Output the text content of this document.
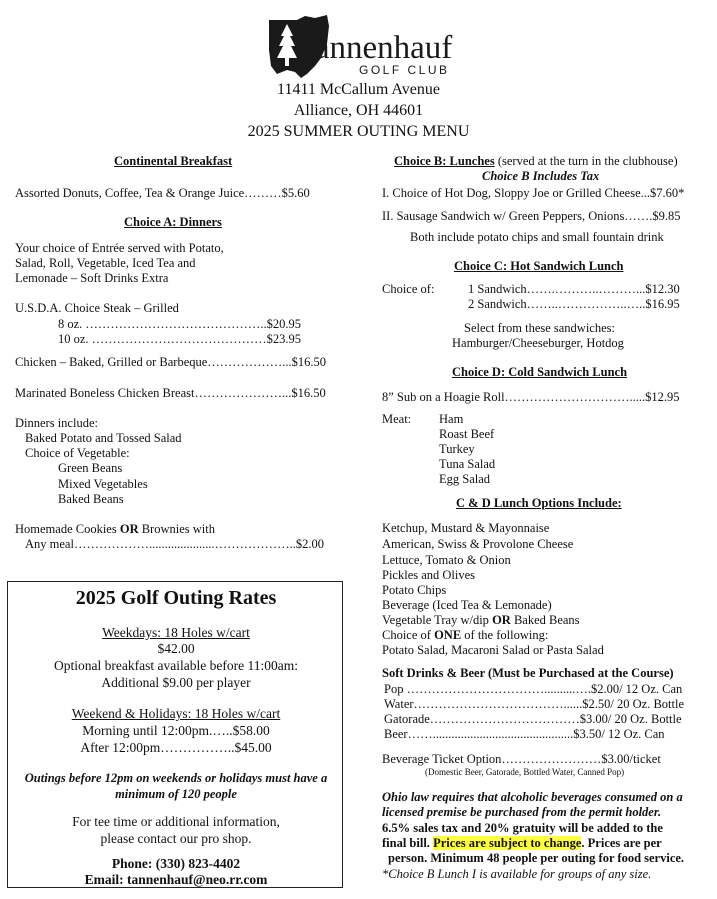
Tannenhauf
GOLF CLUB
11411 McCallum Avenue
Alliance, OH 44601
2025 SUMMER OUTING MENU
Continental Breakfast
Assorted Donuts, Coffee, Tea & Orange Juice………$5.60
Choice A: Dinners
Your choice of Entrée served with Potato,
Salad, Roll, Vegetable, Iced Tea and
Lemonade – Soft Drinks Extra
U.S.D.A. Choice Steak – Grilled
8 oz. ……………………………………..$20.95
10 oz. ……………………………………$23.95
Chicken – Baked, Grilled or Barbeque………………...$16.50
Marinated Boneless Chicken Breast…………………...$16.50
Dinners include:
Baked Potato and Tossed Salad
Choice of Vegetable:
Green Beans
Mixed Vegetables
Baked Beans
Homemade Cookies OR Brownies with
Any meal……………….....................………………..$2.00
2025 Golf Outing Rates
Weekdays: 18 Holes w/cart
$42.00
Optional breakfast available before 11:00am:
Additional $9.00 per player
Weekend & Holidays: 18 Holes w/cart
Morning until 12:00pm.…..$58.00
After 12:00pm……………..$45.00
Outings before 12pm on weekends or holidays must have a
minimum of 120 people
For tee time or additional information,
please contact our pro shop.
Phone: (330) 823-4402
Email: tannenhauf@neo.rr.com
Choice B: Lunches (served at the turn in the clubhouse)
Choice B Includes Tax
I. Choice of Hot Dog, Sloppy Joe or Grilled Cheese...$7.60*
II. Sausage Sandwich w/ Green Peppers, Onions…….$9.85
Both include potato chips and small fountain drink
Choice C: Hot Sandwich Lunch
Choice of:	1 Sandwich…….………..………...$12.30
2 Sandwich……..……………..…..$16.95
Select from these sandwiches:
Hamburger/Cheeseburger, Hotdog
Choice D: Cold Sandwich Lunch
8” Sub on a Hoagie Roll………………………….....$12.95
Meat: Ham
Roast Beef
Turkey
Tuna Salad
Egg Salad
C & D Lunch Options Include:
Ketchup, Mustard & Mayonnaise
American, Swiss & Provolone Cheese
Lettuce, Tomato & Onion
Pickles and Olives
Potato Chips
Beverage (Iced Tea & Lemonade)
Vegetable Tray w/dip OR Baked Beans
Choice of ONE of the following:
Potato Salad, Macaroni Salad or Pasta Salad
Soft Drinks & Beer (Must be Purchased at the Course)
Pop ……………………………..........….$2.00/ 12 Oz. Can
Water………………………………......$2.50/ 20 Oz. Bottle
Gatorade………………………………$3.00/ 20 Oz. Bottle
Beer…….............................................$3.50/ 12 Oz. Can
Beverage Ticket Option……………………$3.00/ticket
(Domestic Beer, Gatorade, Bottled Water, Canned Pop)
Ohio law requires that alcoholic beverages consumed on a
licensed premise be purchased from the permit holder.
6.5% sales tax and 20% gratuity will be added to the
final bill. Prices are subject to change. Prices are per
person. Minimum 48 people per outing for food service.
*Choice B Lunch I is available for groups of any size.
